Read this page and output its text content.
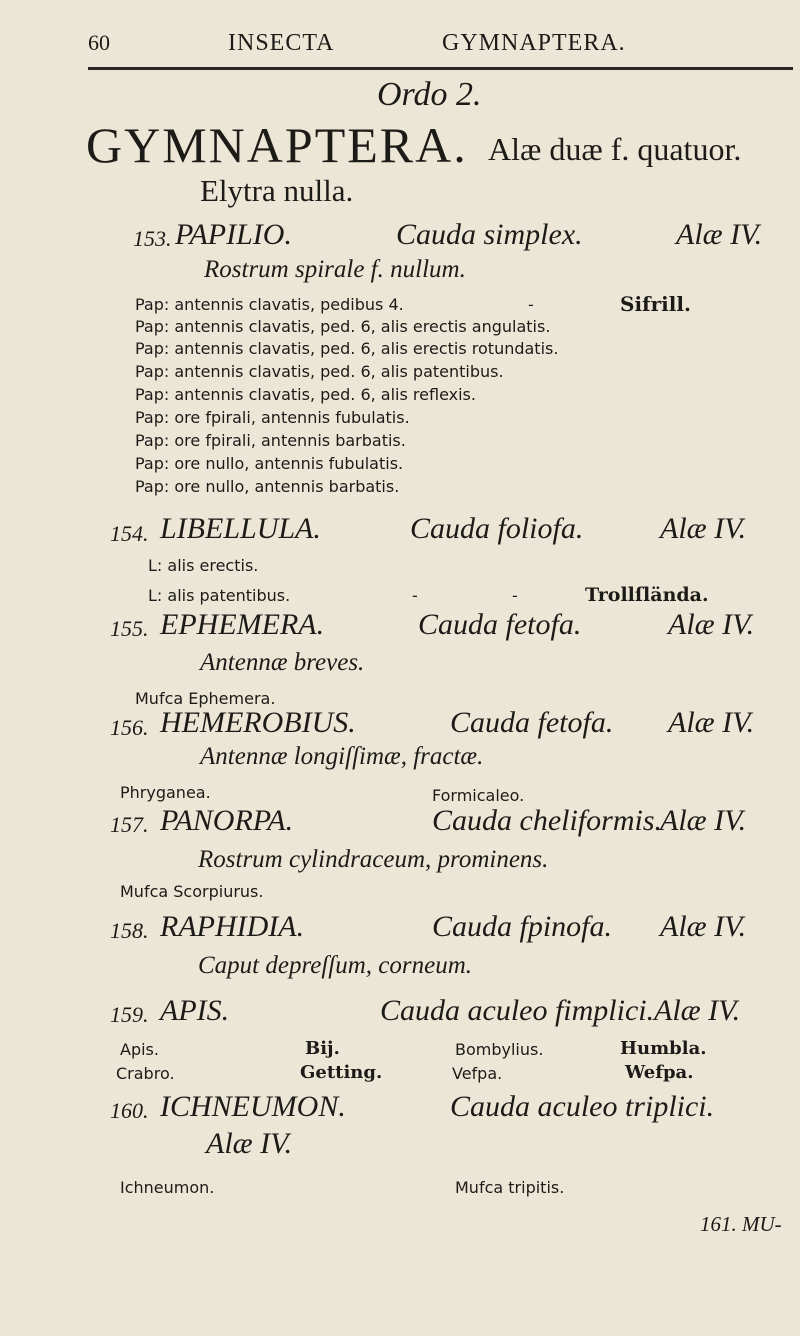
60	INSECTA	GYMNAPTERA.
Ordo 2.
GYMNAPTERA. Alæ duæ f. quatuor.
Elytra nulla.
153. PAPILIO.	Cauda simplex.	Alæ IV.
Rostrum spirale f. nullum.
Pap: antennis clavatis, pedibus 4.	-	Sifrill.
Pap: antennis clavatis, ped. 6, alis erectis angulatis.
Pap: antennis clavatis, ped. 6, alis erectis rotundatis.
Pap: antennis clavatis, ped. 6, alis patentibus.
Pap: antennis clavatis, ped. 6, alis reflexis.
Pap: ore fpirali, antennis fubulatis.
Pap: ore fpirali, antennis barbatis.
Pap: ore nullo, antennis fubulatis.
Pap: ore nullo, antennis barbatis.
154. LIBELLULA.	Cauda foliofa.	Alæ IV.
L: alis erectis.
L: alis patentibus.	-	-	Trollſlända.
155. EPHEMERA.	Cauda fetofa.	Alæ IV.
Antennæ breves.
Mufca Ephemera.
156. HEMEROBIUS.	Cauda fetofa. Alæ IV.
Antennæ longiſſimæ, fractæ.
Phryganea.	Formicaleo.
157. PANORPA.	Cauda cheliformis.
Alæ IV.
Rostrum cylindraceum, prominens.
Mufca Scorpiurus.
158. RAPHIDIA.	Cauda fpinofa. Alæ IV.
Caput depreſſum, corneum.
159. APIS.	Cauda aculeo fimplici. Alæ IV.
Apis.	Bij.	Bombylius.	Humbla.
Crabro.	Getting.	Vefpa.	Wefpa.
160. ICHNEUMON.	Cauda aculeo triplici.
Alæ IV.
Ichneumon.	Mufca tripitis.
161. MU-
